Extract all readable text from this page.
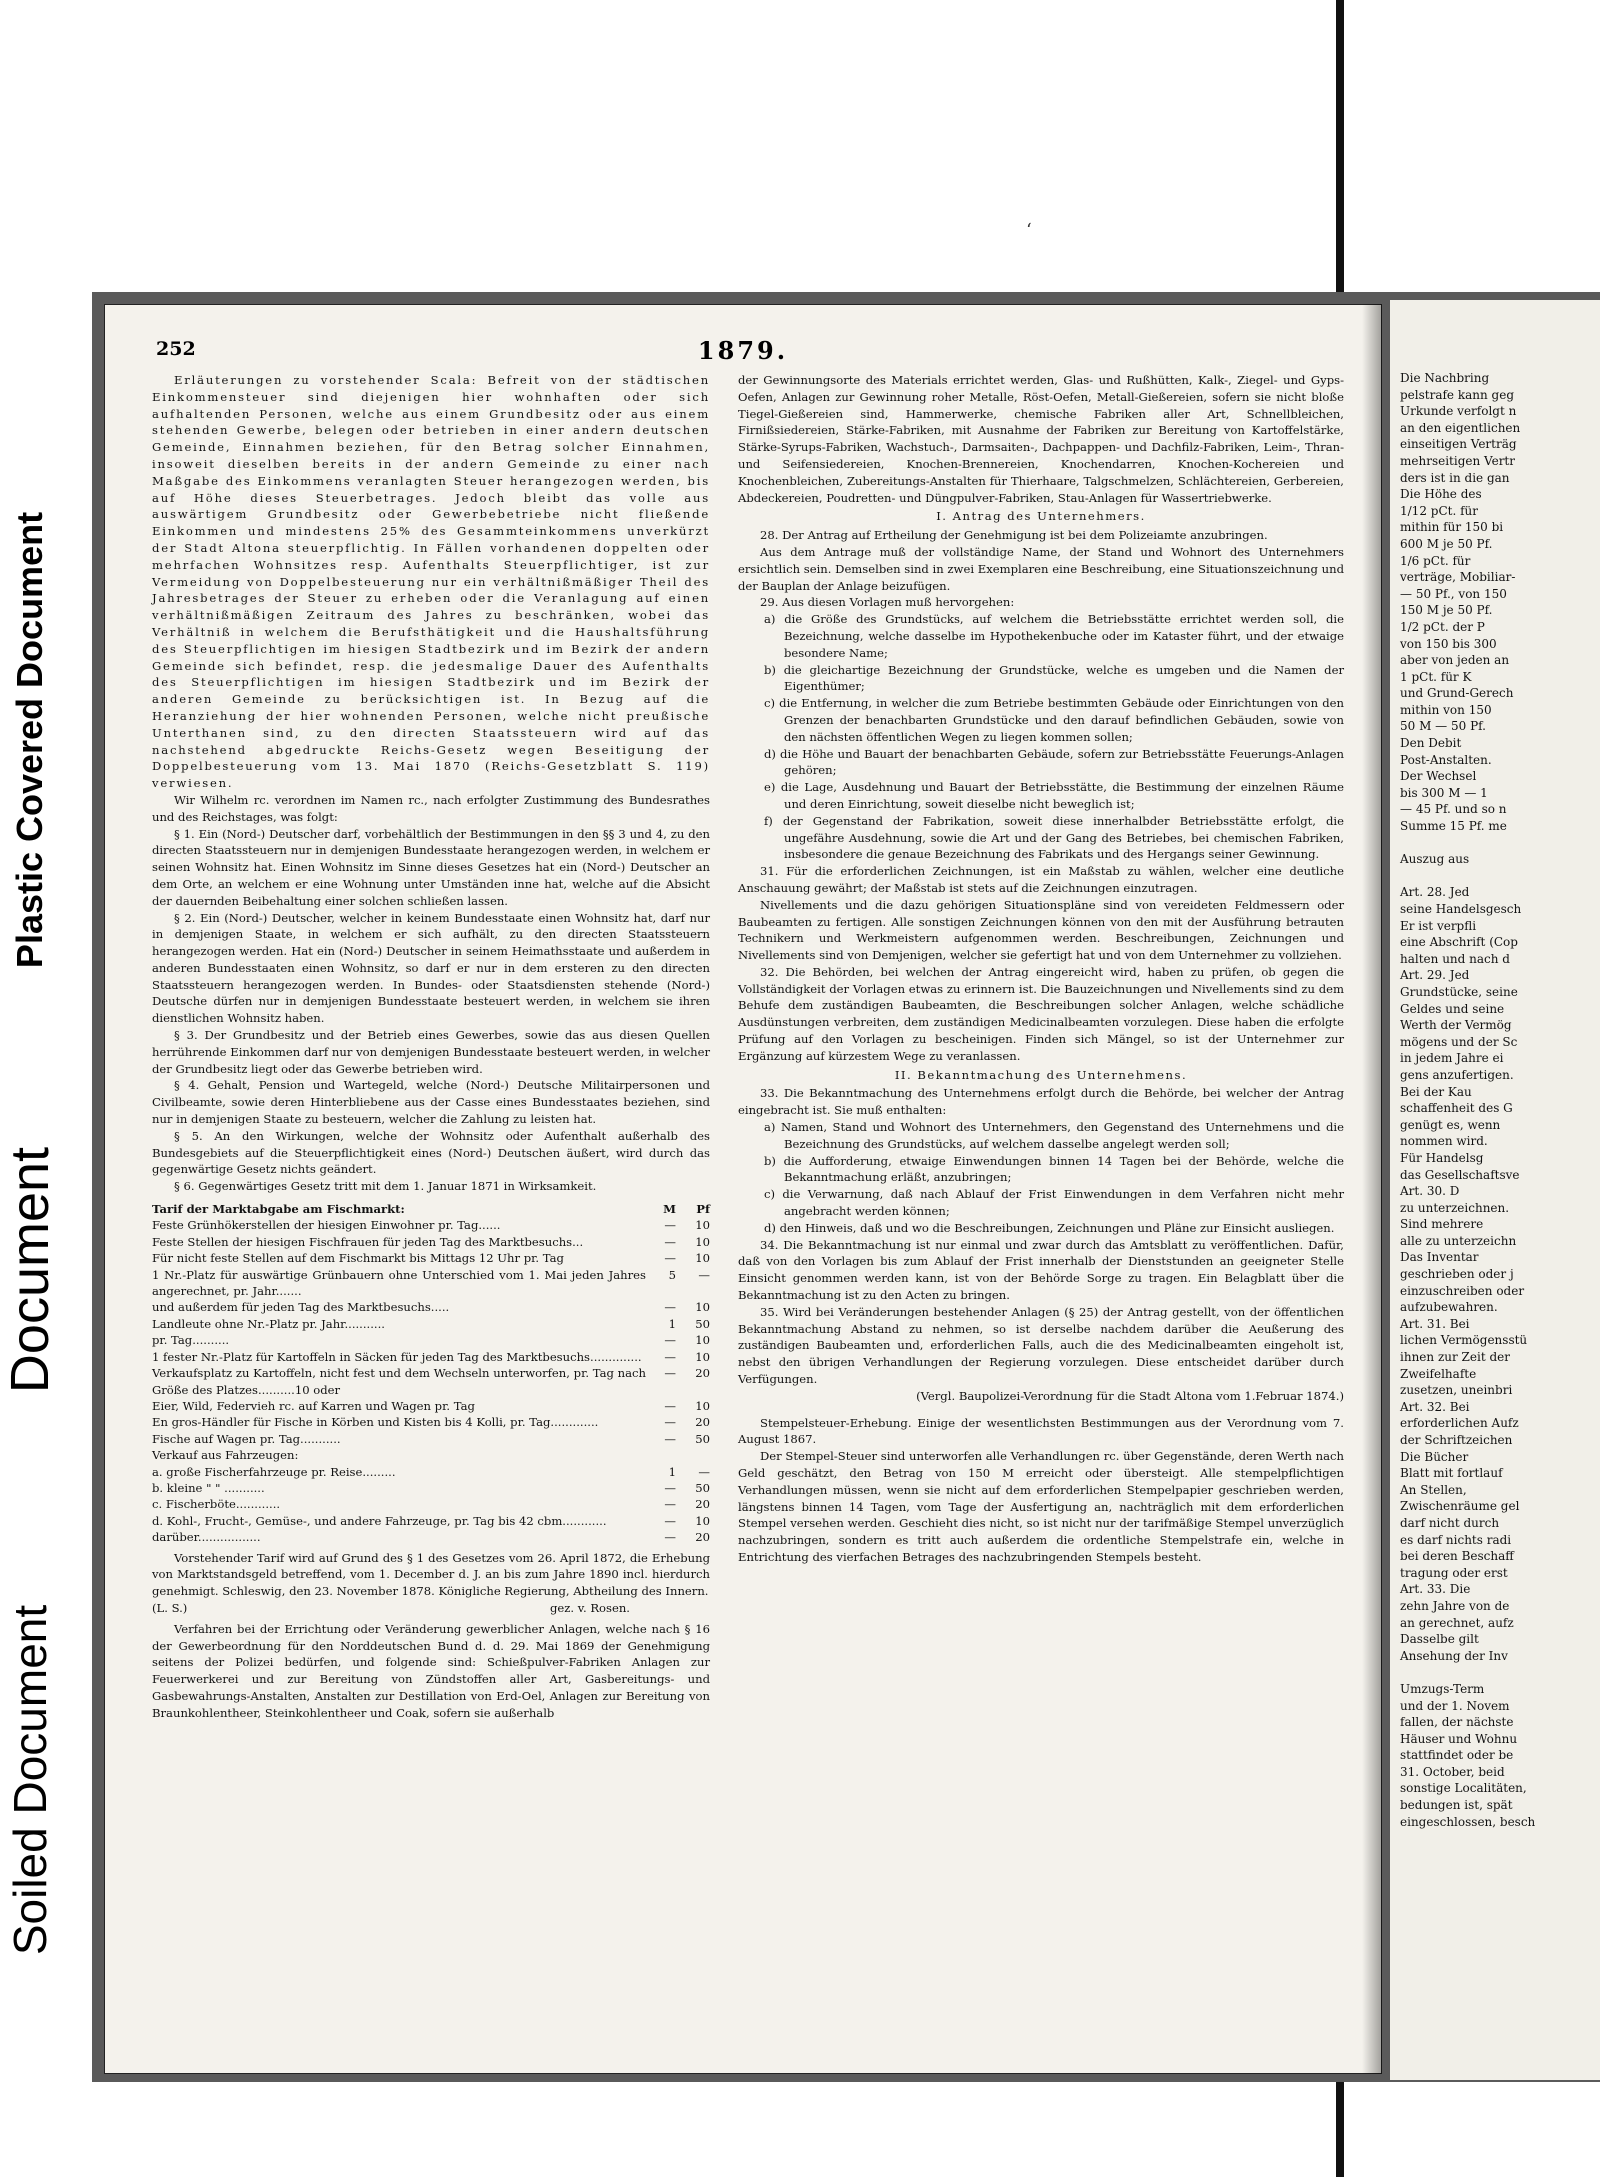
Plastic Covered Document
Document
Soiled Document
ʻ
252	1879.

Erläuterungen zu vorstehender Scala: Befreit von der städtischen Einkommensteuer sind diejenigen hier wohnhaften oder sich aufhaltenden Personen, welche aus einem Grundbesitz oder aus einem stehenden Gewerbe, belegen oder betrieben in einer andern deutschen Gemeinde, Einnahmen beziehen, für den Betrag solcher Einnahmen, insoweit dieselben bereits in der andern Gemeinde zu einer nach Maßgabe des Einkommens veranlagten Steuer herangezogen werden, bis auf Höhe dieses Steuerbetrages. Jedoch bleibt das volle aus auswärtigem Grundbesitz oder Gewerbebetriebe nicht fließende Einkommen und mindestens 25% des Gesammteinkommens unverkürzt der Stadt Altona steuerpflichtig. In Fällen vorhandenen doppelten oder mehrfachen Wohnsitzes resp. Aufenthalts Steuerpflichtiger, ist zur Vermeidung von Doppelbesteuerung nur ein verhältnißmäßiger Theil des Jahresbetrages der Steuer zu erheben oder die Veranlagung auf einen verhältnißmäßigen Zeitraum des Jahres zu beschränken, wobei das Verhältniß in welchem die Berufsthätigkeit und die Haushaltsführung des Steuerpflichtigen im hiesigen Stadtbezirk und im Bezirk der andern Gemeinde sich befindet, resp. die jedesmalige Dauer des Aufenthalts des Steuerpflichtigen im hiesigen Stadtbezirk und im Bezirk der anderen Gemeinde zu berücksichtigen ist. In Bezug auf die Heranziehung der hier wohnenden Personen, welche nicht preußische Unterthanen sind, zu den directen Staatssteuern wird auf das nachstehend abgedruckte Reichs-Gesetz wegen Beseitigung der Doppelbesteuerung vom 13. Mai 1870 (Reichs-Gesetzblatt S. 119) verwiesen.

Wir Wilhelm rc. verordnen im Namen rc., nach erfolgter Zustimmung des Bundesrathes und des Reichstages, was folgt:

§ 1. Ein (Nord-) Deutscher darf, vorbehältlich der Bestimmungen in den §§ 3 und 4, zu den directen Staatssteuern nur in demjenigen Bundesstaate herangezogen werden, in welchem er seinen Wohnsitz hat. Einen Wohnsitz im Sinne dieses Gesetzes hat ein (Nord-) Deutscher an dem Orte, an welchem er eine Wohnung unter Umständen inne hat, welche auf die Absicht der dauernden Beibehaltung einer solchen schließen lassen.

§ 2. Ein (Nord-) Deutscher, welcher in keinem Bundesstaate einen Wohnsitz hat, darf nur in demjenigen Staate, in welchem er sich aufhält, zu den directen Staatssteuern herangezogen werden. Hat ein (Nord-) Deutscher in seinem Heimathsstaate und außerdem in anderen Bundesstaaten einen Wohnsitz, so darf er nur in dem ersteren zu den directen Staatssteuern herangezogen werden. In Bundes- oder Staatsdiensten stehende (Nord-) Deutsche dürfen nur in demjenigen Bundesstaate besteuert werden, in welchem sie ihren dienstlichen Wohnsitz haben.

§ 3. Der Grundbesitz und der Betrieb eines Gewerbes, sowie das aus diesen Quellen herrührende Einkommen darf nur von demjenigen Bundesstaate besteuert werden, in welcher der Grundbesitz liegt oder das Gewerbe betrieben wird.

§ 4. Gehalt, Pension und Wartegeld, welche (Nord-) Deutsche Militairpersonen und Civilbeamte, sowie deren Hinterbliebene aus der Casse eines Bundesstaates beziehen, sind nur in demjenigen Staate zu besteuern, welcher die Zahlung zu leisten hat.

§ 5. An den Wirkungen, welche der Wohnsitz oder Aufenthalt außerhalb des Bundesgebiets auf die Steuerpflichtigkeit eines (Nord-) Deutschen äußert, wird durch das gegenwärtige Gesetz nichts geändert.

§ 6. Gegenwärtiges Gesetz tritt mit dem 1. Januar 1871 in Wirksamkeit.

Tarif der Marktabgabe am Fischmarkt:	M	Pf
Feste Grünhökerstellen der hiesigen Einwohner pr. Tag......	—	10
Feste Stellen der hiesigen Fischfrauen für jeden Tag des Marktbesuchs...	—	10
Für nicht feste Stellen auf dem Fischmarkt bis Mittags 12 Uhr pr. Tag	—	10
1 Nr.-Platz für auswärtige Grünbauern ohne Unterschied vom 1. Mai jeden Jahres angerechnet, pr. Jahr.......	5	—
und außerdem für jeden Tag des Marktbesuchs.....	—	10
Landleute ohne Nr.-Platz pr. Jahr...........	1	50
pr. Tag..........	—	10
1 fester Nr.-Platz für Kartoffeln in Säcken für jeden Tag des Marktbesuchs..............	—	10
Verkaufsplatz zu Kartoffeln, nicht fest und dem Wechseln unterworfen, pr. Tag nach Größe des Platzes..........10 oder	—	20
Eier, Wild, Federvieh rc. auf Karren und Wagen pr. Tag	—	10
En gros-Händler für Fische in Körben und Kisten bis 4 Kolli, pr. Tag.............	—	20
Fische auf Wagen pr. Tag...........	—	50
Verkauf aus Fahrzeugen:		
a. große Fischerfahrzeuge pr. Reise.........	1	—
b. kleine " " ...........	—	50
c. Fischerböte............	—	20
d. Kohl-, Frucht-, Gemüse-, und andere Fahrzeuge, pr. Tag bis 42 cbm............	—	10
darüber.................	—	20

Vorstehender Tarif wird auf Grund des § 1 des Gesetzes vom 26. April 1872, die Erhebung von Marktstandsgeld betreffend, vom 1. December d. J. an bis zum Jahre 1890 incl. hierdurch genehmigt. Schleswig, den 23. November 1878. Königliche Regierung, Abtheilung des Innern.

(L. S.)	gez. v. Rosen.

Verfahren bei der Errichtung oder Veränderung gewerblicher Anlagen, welche nach § 16 der Gewerbeordnung für den Norddeutschen Bund d. d. 29. Mai 1869 der Genehmigung seitens der Polizei bedürfen, und folgende sind: Schießpulver-Fabriken Anlagen zur Feuerwerkerei und zur Bereitung von Zündstoffen aller Art, Gasbereitungs- und Gasbewahrungs-Anstalten, Anstalten zur Destillation von Erd-Oel, Anlagen zur Bereitung von Braunkohlentheer, Steinkohlentheer und Coak, sofern sie außerhalb

der Gewinnungsorte des Materials errichtet werden, Glas- und Rußhütten, Kalk-, Ziegel- und Gyps-Oefen, Anlagen zur Gewinnung roher Metalle, Röst-Oefen, Metall-Gießereien, sofern sie nicht bloße Tiegel-Gießereien sind, Hammerwerke, chemische Fabriken aller Art, Schnellbleichen, Firnißsiedereien, Stärke-Fabriken, mit Ausnahme der Fabriken zur Bereitung von Kartoffelstärke, Stärke-Syrups-Fabriken, Wachstuch-, Darmsaiten-, Dachpappen- und Dachfilz-Fabriken, Leim-, Thran- und Seifensiedereien, Knochen-Brennereien, Knochendarren, Knochen-Kochereien und Knochenbleichen, Zubereitungs-Anstalten für Thierhaare, Talgschmelzen, Schlächtereien, Gerbereien, Abdeckereien, Poudretten- und Düngpulver-Fabriken, Stau-Anlagen für Wassertriebwerke.

I. Antrag des Unternehmers.

28. Der Antrag auf Ertheilung der Genehmigung ist bei dem Polizeiamte anzubringen.

Aus dem Antrage muß der vollständige Name, der Stand und Wohnort des Unternehmers ersichtlich sein. Demselben sind in zwei Exemplaren eine Beschreibung, eine Situationszeichnung und der Bauplan der Anlage beizufügen.

29. Aus diesen Vorlagen muß hervorgehen:

a) die Größe des Grundstücks, auf welchem die Betriebsstätte errichtet werden soll, die Bezeichnung, welche dasselbe im Hypothekenbuche oder im Kataster führt, und der etwaige besondere Name;

b) die gleichartige Bezeichnung der Grundstücke, welche es umgeben und die Namen der Eigenthümer;

c) die Entfernung, in welcher die zum Betriebe bestimmten Gebäude oder Einrichtungen von den Grenzen der benachbarten Grundstücke und den darauf befindlichen Gebäuden, sowie von den nächsten öffentlichen Wegen zu liegen kommen sollen;

d) die Höhe und Bauart der benachbarten Gebäude, sofern zur Betriebsstätte Feuerungs-Anlagen gehören;

e) die Lage, Ausdehnung und Bauart der Betriebsstätte, die Bestimmung der einzelnen Räume und deren Einrichtung, soweit dieselbe nicht beweglich ist;

f) der Gegenstand der Fabrikation, soweit diese innerhalbder Betriebsstätte erfolgt, die ungefähre Ausdehnung, sowie die Art und der Gang des Betriebes, bei chemischen Fabriken, insbesondere die genaue Bezeichnung des Fabrikats und des Hergangs seiner Gewinnung.

31. Für die erforderlichen Zeichnungen, ist ein Maßstab zu wählen, welcher eine deutliche Anschauung gewährt; der Maßstab ist stets auf die Zeichnungen einzutragen.

Nivellements und die dazu gehörigen Situationspläne sind von vereideten Feldmessern oder Baubeamten zu fertigen. Alle sonstigen Zeichnungen können von den mit der Ausführung betrauten Technikern und Werkmeistern aufgenommen werden. Beschreibungen, Zeichnungen und Nivellements sind von Demjenigen, welcher sie gefertigt hat und von dem Unternehmer zu vollziehen.

32. Die Behörden, bei welchen der Antrag eingereicht wird, haben zu prüfen, ob gegen die Vollständigkeit der Vorlagen etwas zu erinnern ist. Die Bauzeichnungen und Nivellements sind zu dem Behufe dem zuständigen Baubeamten, die Beschreibungen solcher Anlagen, welche schädliche Ausdünstungen verbreiten, dem zuständigen Medicinalbeamten vorzulegen. Diese haben die erfolgte Prüfung auf den Vorlagen zu bescheinigen. Finden sich Mängel, so ist der Unternehmer zur Ergänzung auf kürzestem Wege zu veranlassen.

II. Bekanntmachung des Unternehmens.

33. Die Bekanntmachung des Unternehmens erfolgt durch die Behörde, bei welcher der Antrag eingebracht ist. Sie muß enthalten:

a) Namen, Stand und Wohnort des Unternehmers, den Gegenstand des Unternehmens und die Bezeichnung des Grundstücks, auf welchem dasselbe angelegt werden soll;

b) die Aufforderung, etwaige Einwendungen binnen 14 Tagen bei der Behörde, welche die Bekanntmachung erläßt, anzubringen;

c) die Verwarnung, daß nach Ablauf der Frist Einwendungen in dem Verfahren nicht mehr angebracht werden können;

d) den Hinweis, daß und wo die Beschreibungen, Zeichnungen und Pläne zur Einsicht ausliegen.

34. Die Bekanntmachung ist nur einmal und zwar durch das Amtsblatt zu veröffentlichen. Dafür, daß von den Vorlagen bis zum Ablauf der Frist innerhalb der Dienststunden an geeigneter Stelle Einsicht genommen werden kann, ist von der Behörde Sorge zu tragen. Ein Belagblatt über die Bekanntmachung ist zu den Acten zu bringen.

35. Wird bei Veränderungen bestehender Anlagen (§ 25) der Antrag gestellt, von der öffentlichen Bekanntmachung Abstand zu nehmen, so ist derselbe nachdem darüber die Aeußerung des zuständigen Baubeamten und, erforderlichen Falls, auch die des Medicinalbeamten eingeholt ist, nebst den übrigen Verhandlungen der Regierung vorzulegen. Diese entscheidet darüber durch Verfügungen.

(Vergl. Baupolizei-Verordnung für die Stadt Altona vom 1.Februar 1874.)

Stempelsteuer-Erhebung. Einige der wesentlichsten Bestimmungen aus der Verordnung vom 7. August 1867.

Der Stempel-Steuer sind unterworfen alle Verhandlungen rc. über Gegenstände, deren Werth nach Geld geschätzt, den Betrag von 150 M erreicht oder übersteigt. Alle stempelpflichtigen Verhandlungen müssen, wenn sie nicht auf dem erforderlichen Stempelpapier geschrieben werden, längstens binnen 14 Tagen, vom Tage der Ausfertigung an, nachträglich mit dem erforderlichen Stempel versehen werden. Geschieht dies nicht, so ist nicht nur der tarifmäßige Stempel unverzüglich nachzubringen, sondern es tritt auch außerdem die ordentliche Stempelstrafe ein, welche in Entrichtung des vierfachen Betrages des nachzubringenden Stempels besteht.

Die Nachbring
pelstrafe kann geg
Urkunde verfolgt n
an den eigentlichen
einseitigen Verträg
mehrseitigen Vertr
ders ist in die gan
Die Höhe des
1/12 pCt. für
mithin für 150 bi
600 M je 50 Pf.
1/6 pCt. für
verträge, Mobiliar-
— 50 Pf., von 150
150 M je 50 Pf.
1/2 pCt. der P
von 150 bis 300
aber von jeden an
1 pCt. für K
und Grund-Gerech
mithin von 150
50 M — 50 Pf.
Den Debit
Post-Anstalten.
Der Wechsel
bis 300 M — 1
— 45 Pf. und so n
Summe 15 Pf. me
Auszug aus
Art. 28. Jed
seine Handelsgesch
Er ist verpfli
eine Abschrift (Cop
halten und nach d
Art. 29. Jed
Grundstücke, seine
Geldes und seine
Werth der Vermög
mögens und der Sc
in jedem Jahre ei
gens anzufertigen.
Bei der Kau
schaffenheit des G
genügt es, wenn
nommen wird.
Für Handelsg
das Gesellschaftsve
Art. 30. D
zu unterzeichnen.
Sind mehrere
alle zu unterzeichn
Das Inventar
geschrieben oder j
einzuschreiben oder
aufzubewahren.
Art. 31. Bei
lichen Vermögensstü
ihnen zur Zeit der
Zweifelhafte
zusetzen, uneinbri
Art. 32. Bei
erforderlichen Aufz
der Schriftzeichen
Die Bücher
Blatt mit fortlauf
An Stellen,
Zwischenräume gel
darf nicht durch
es darf nichts radi
bei deren Beschaff
tragung oder erst
Art. 33. Die
zehn Jahre von de
an gerechnet, aufz
Dasselbe gilt
Ansehung der Inv
Umzugs-Term
und der 1. Novem
fallen, der nächste
Häuser und Wohnu
stattfindet oder be
31. October, beid
sonstige Localitäten,
bedungen ist, spät
eingeschlossen, besch
